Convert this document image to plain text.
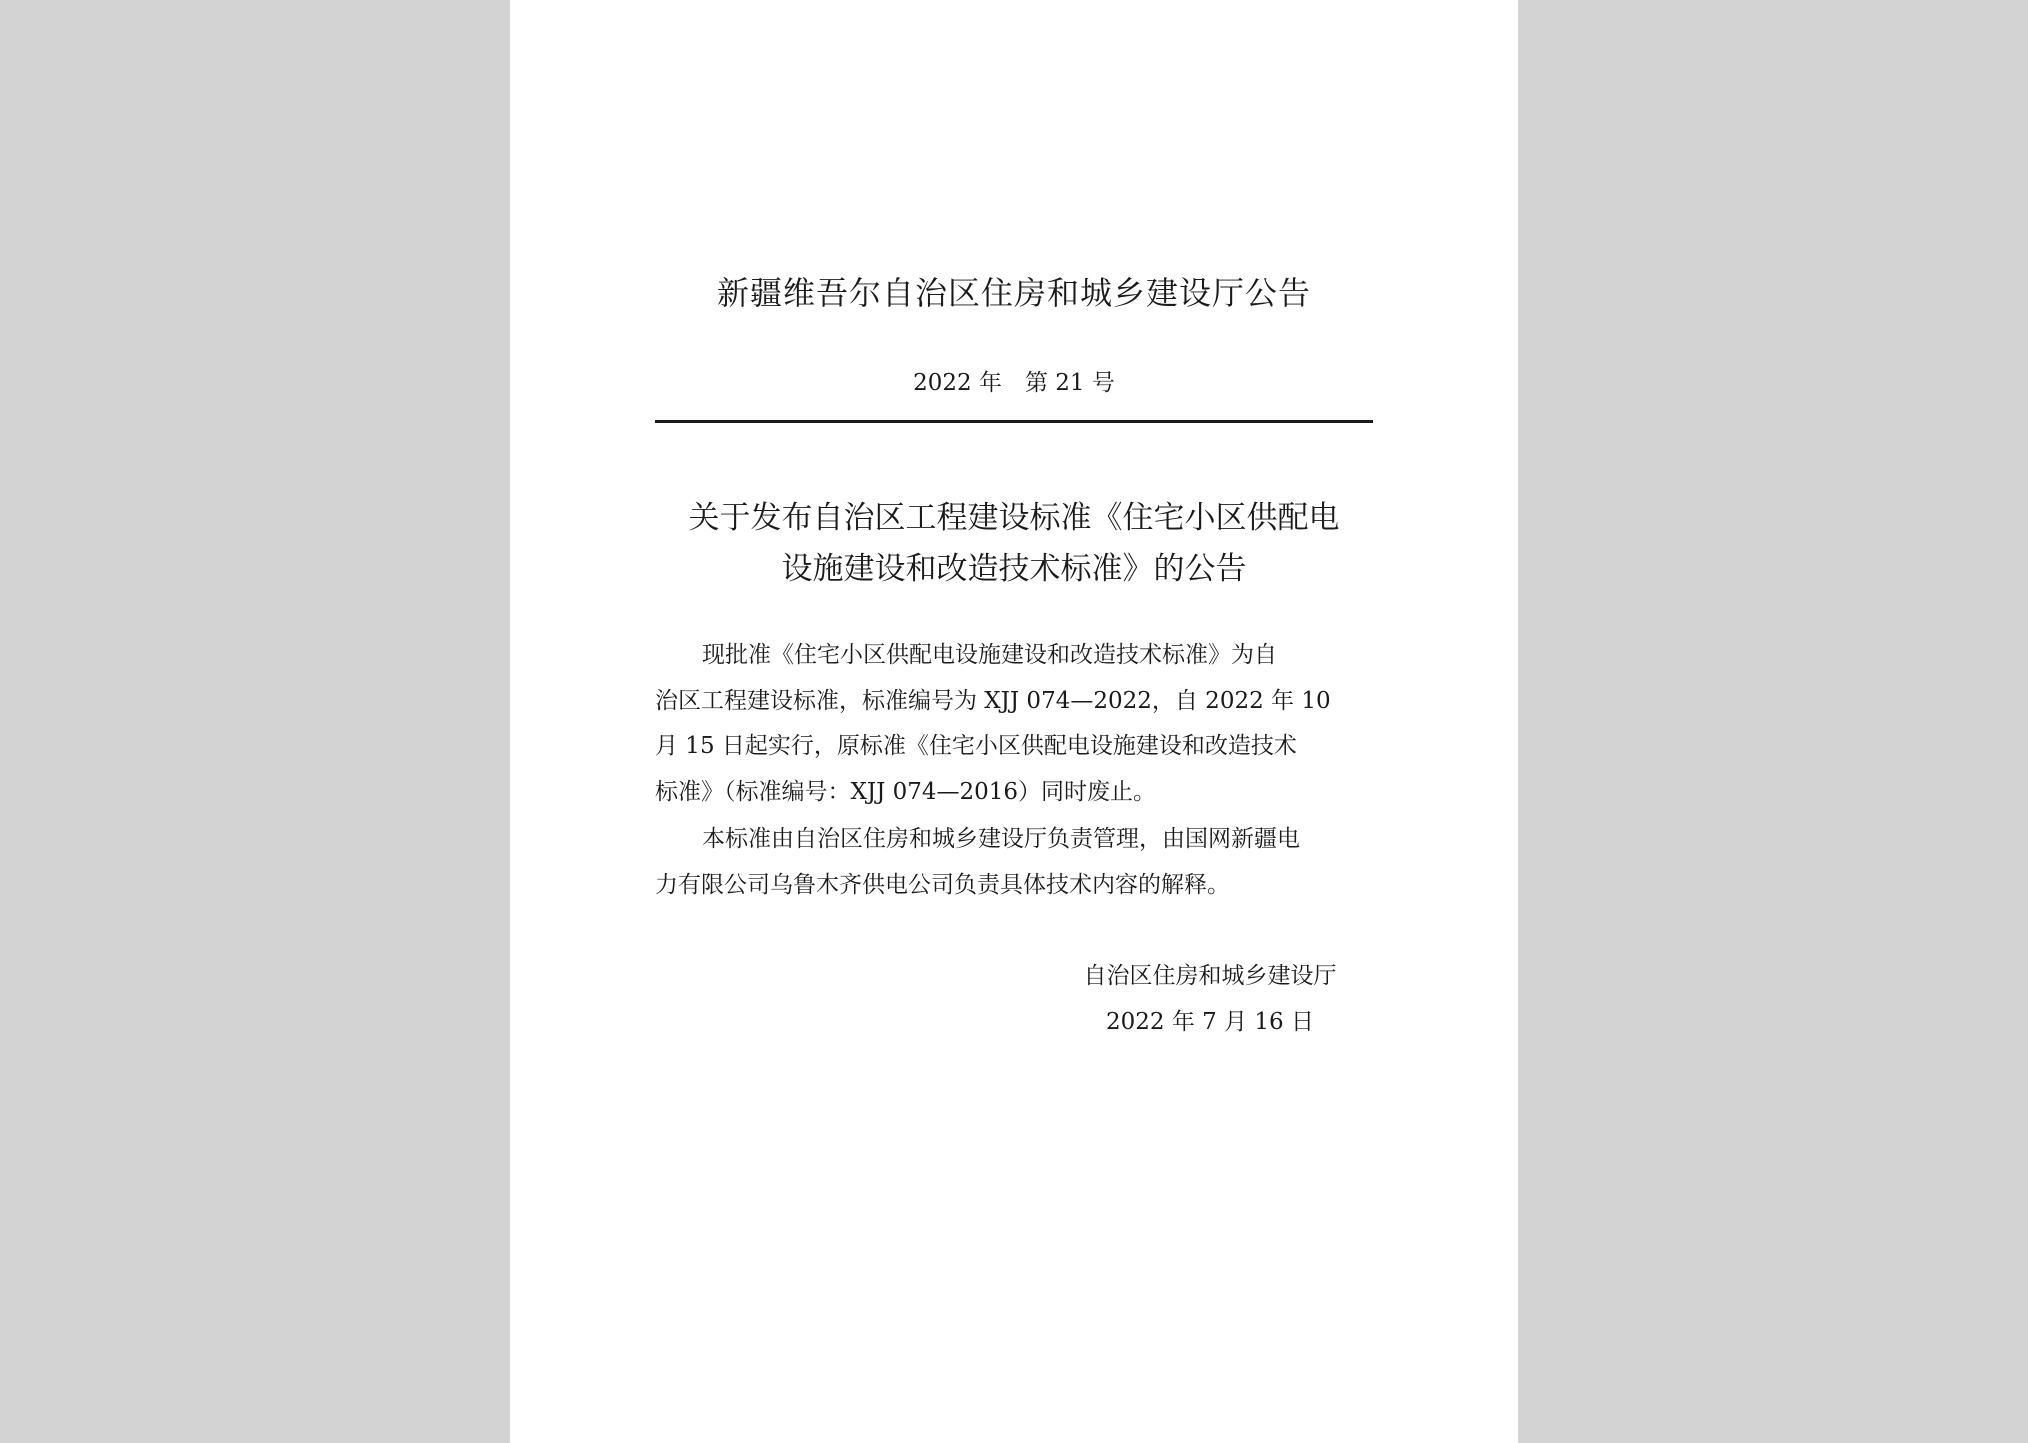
新疆维吾尔自治区住房和城乡建设厅公告
2022 年　第 21 号
关于发布自治区工程建设标准《住宅小区供配电
设施建设和改造技术标准》的公告
现批准《住宅小区供配电设施建设和改造技术标准》为自
治区工程建设标准，标准编号为 XJJ 074—2022，自 2022 年 10
月 15 日起实行，原标准《住宅小区供配电设施建设和改造技术
标准》（标准编号：XJJ 074—2016）同时废止。
本标准由自治区住房和城乡建设厅负责管理，由国网新疆电
力有限公司乌鲁木齐供电公司负责具体技术内容的解释。
自治区住房和城乡建设厅
2022 年 7 月 16 日
